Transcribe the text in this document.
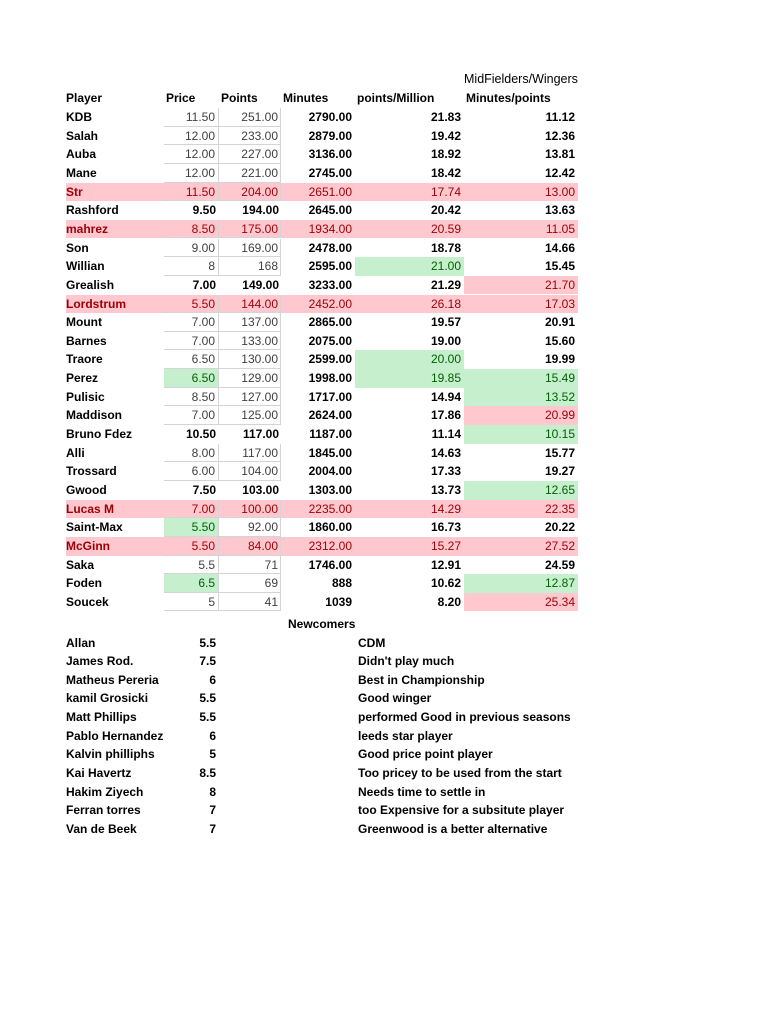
MidFielders/Wingers
Player	Price	Points	Minutes	points/Million	Minutes/points
KDB	11.50	251.00	2790.00	21.83	11.12
Salah	12.00	233.00	2879.00	19.42	12.36
Auba	12.00	227.00	3136.00	18.92	13.81
Mane	12.00	221.00	2745.00	18.42	12.42
Str	11.50	204.00	2651.00	17.74	13.00
Rashford	9.50	194.00	2645.00	20.42	13.63
mahrez	8.50	175.00	1934.00	20.59	11.05
Son	9.00	169.00	2478.00	18.78	14.66
Willian	8	168	2595.00	21.00	15.45
Grealish	7.00	149.00	3233.00	21.29	21.70
Lordstrum	5.50	144.00	2452.00	26.18	17.03
Mount	7.00	137.00	2865.00	19.57	20.91
Barnes	7.00	133.00	2075.00	19.00	15.60
Traore	6.50	130.00	2599.00	20.00	19.99
Perez	6.50	129.00	1998.00	19.85	15.49
Pulisic	8.50	127.00	1717.00	14.94	13.52
Maddison	7.00	125.00	2624.00	17.86	20.99
Bruno Fdez	10.50	117.00	1187.00	11.14	10.15
Alli	8.00	117.00	1845.00	14.63	15.77
Trossard	6.00	104.00	2004.00	17.33	19.27
Gwood	7.50	103.00	1303.00	13.73	12.65
Lucas M	7.00	100.00	2235.00	14.29	22.35
Saint-Max	5.50	92.00	1860.00	16.73	20.22
McGinn	5.50	84.00	2312.00	15.27	27.52
Saka	5.5	71	1746.00	12.91	24.59
Foden	6.5	69	888	10.62	12.87
Soucek	5	41	1039	8.20	25.34
Newcomers
Allan	5.5	CDM
James Rod.	7.5	Didn't play much
Matheus Pereria	6	Best in Championship
kamil Grosicki	5.5	Good winger
Matt Phillips	5.5	performed Good in previous seasons
Pablo Hernandez	6	leeds star player
Kalvin philliphs	5	Good price point player
Kai Havertz	8.5	Too pricey to be used from the start
Hakim Ziyech	8	Needs time to settle in
Ferran torres	7	too Expensive for a subsitute player
Van de Beek	7	Greenwood is a better alternative
